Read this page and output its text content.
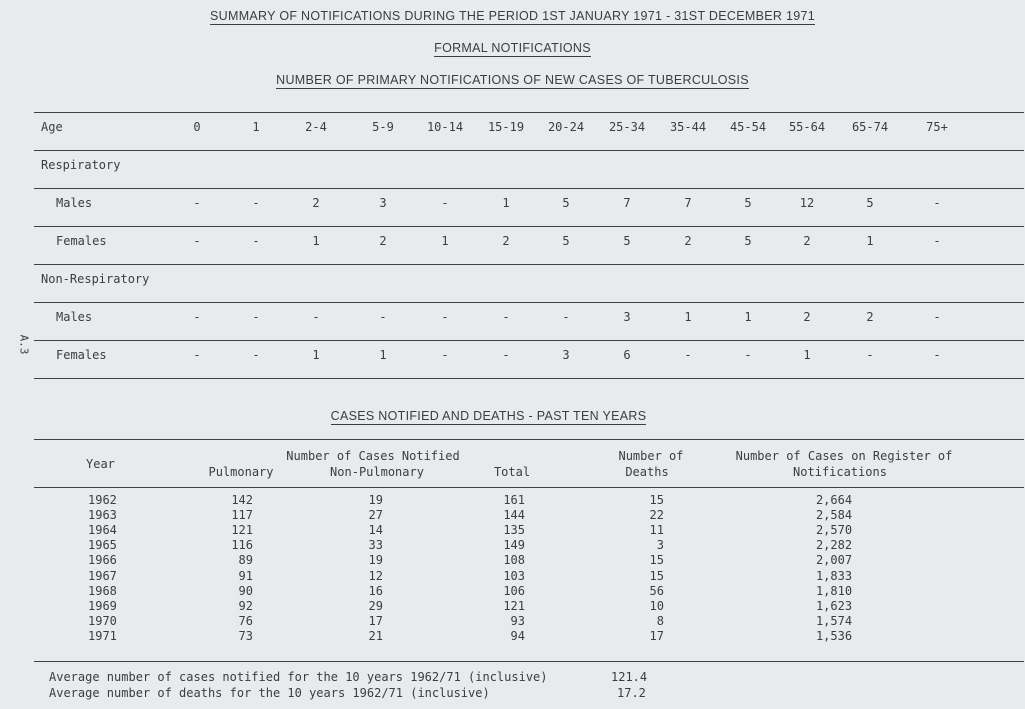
SUMMARY OF NOTIFICATIONS DURING THE PERIOD 1ST JANUARY 1971 - 31ST DECEMBER 1971
FORMAL NOTIFICATIONS
NUMBER OF PRIMARY NOTIFICATIONS OF NEW CASES OF TUBERCULOSIS
CASES NOTIFIED AND DEATHS - PAST TEN YEARS
A.3
Age	0	1	2-4	5-9	10-14 15-19 20-24 25-34 35-44 45-54 55-64 65-74	75+
Respiratory
Males	-	-	2	3	-	1	5	7	7	5	12	5	-
Females	-	-	1	2	1	2	5	5	2	5	2	1	-
Non-Respiratory
Males	-	-	-	-	-	-	-	3	1	1	2	2	-
Females	-	-	1	1	-	-	3	6	-	-	1	-	-
Year
Number of Cases Notified
Pulmonary	Non-Pulmonary	Total
Number of
Deaths
Number of Cases on Register of
Notifications
1962	142	19	161	15	2,664
1963	117	27	144	22	2,584
1964	121	14	135	11	2,570
1965	116	33	149	3	2,282
1966	89	19	108	15	2,007
1967	91	12	103	15	1,833
1968	90	16	106	56	1,810
1969	92	29	121	10	1,623
1970	76	17	93	8	1,574
1971	73	21	94	17	1,536
Average number of cases notified for the 10 years 1962/71 (inclusive)	121.4
Average number of deaths for the 10 years 1962/71 (inclusive)	17.2
